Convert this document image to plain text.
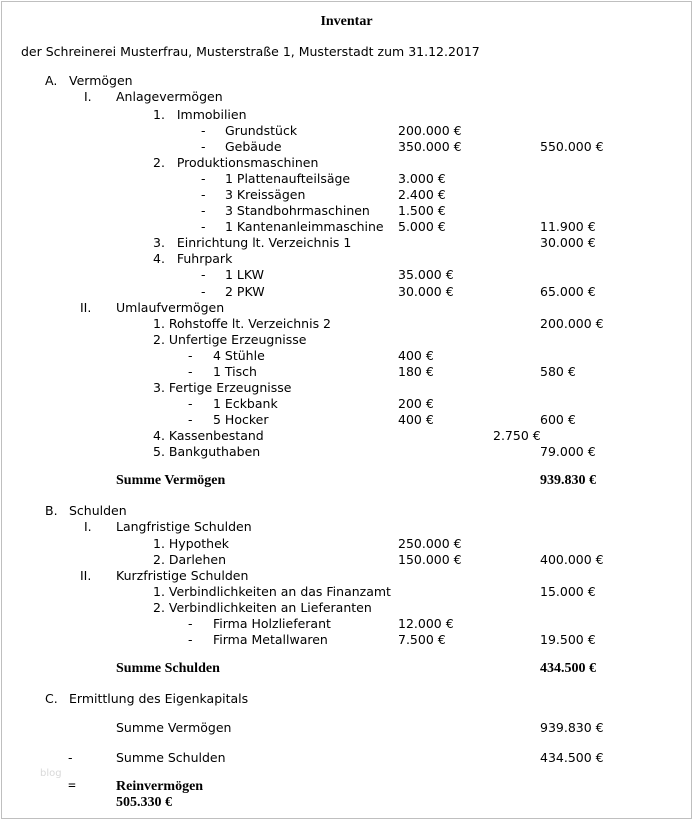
Inventar
der Schreinerei Musterfrau, Musterstraße 1, Musterstadt zum 31.12.2017
A. Vermögen
I. Anlagevermögen
1.   Immobilien
- Grundstück	200.000 €
- Gebäude	350.000 €	550.000 €
2.   Produktionsmaschinen
- 1 Plattenaufteilsäge	3.000 €
- 3 Kreissägen	2.400 €
- 3 Standbohrmaschinen 1.500 €
- 1 Kantenanleimmaschine 5.000 €	11.900 €
3.   Einrichtung lt. Verzeichnis 1	30.000 €
4.   Fuhrpark
- 1 LKW	35.000 €
- 2 PKW	30.000 €	65.000 €
II. Umlaufvermögen
1. Rohstoffe lt. Verzeichnis 2	200.000 €
2. Unfertige Erzeugnisse
- 4 Stühle	400 €
- 1 Tisch	180 €	580 €
3. Fertige Erzeugnisse
- 1 Eckbank	200 €
- 5 Hocker	400 €	600 €
4. Kassenbestand	2.750 €
5. Bankguthaben	79.000 €
Summe Vermögen	939.830 €
B. Schulden
I. Langfristige Schulden
1. Hypothek	250.000 €
2. Darlehen	150.000 €	400.000 €
II. Kurzfristige Schulden
1. Verbindlichkeiten an das Finanzamt	15.000 €
2. Verbindlichkeiten an Lieferanten
- Firma Holzlieferant	12.000 €
- Firma Metallwaren	7.500 €	19.500 €
Summe Schulden	434.500 €
C. Ermittlung des Eigenkapitals
Summe Vermögen	939.830 €
-	Summe Schulden	434.500 €
blog
=	Reinvermögen
505.330 €
